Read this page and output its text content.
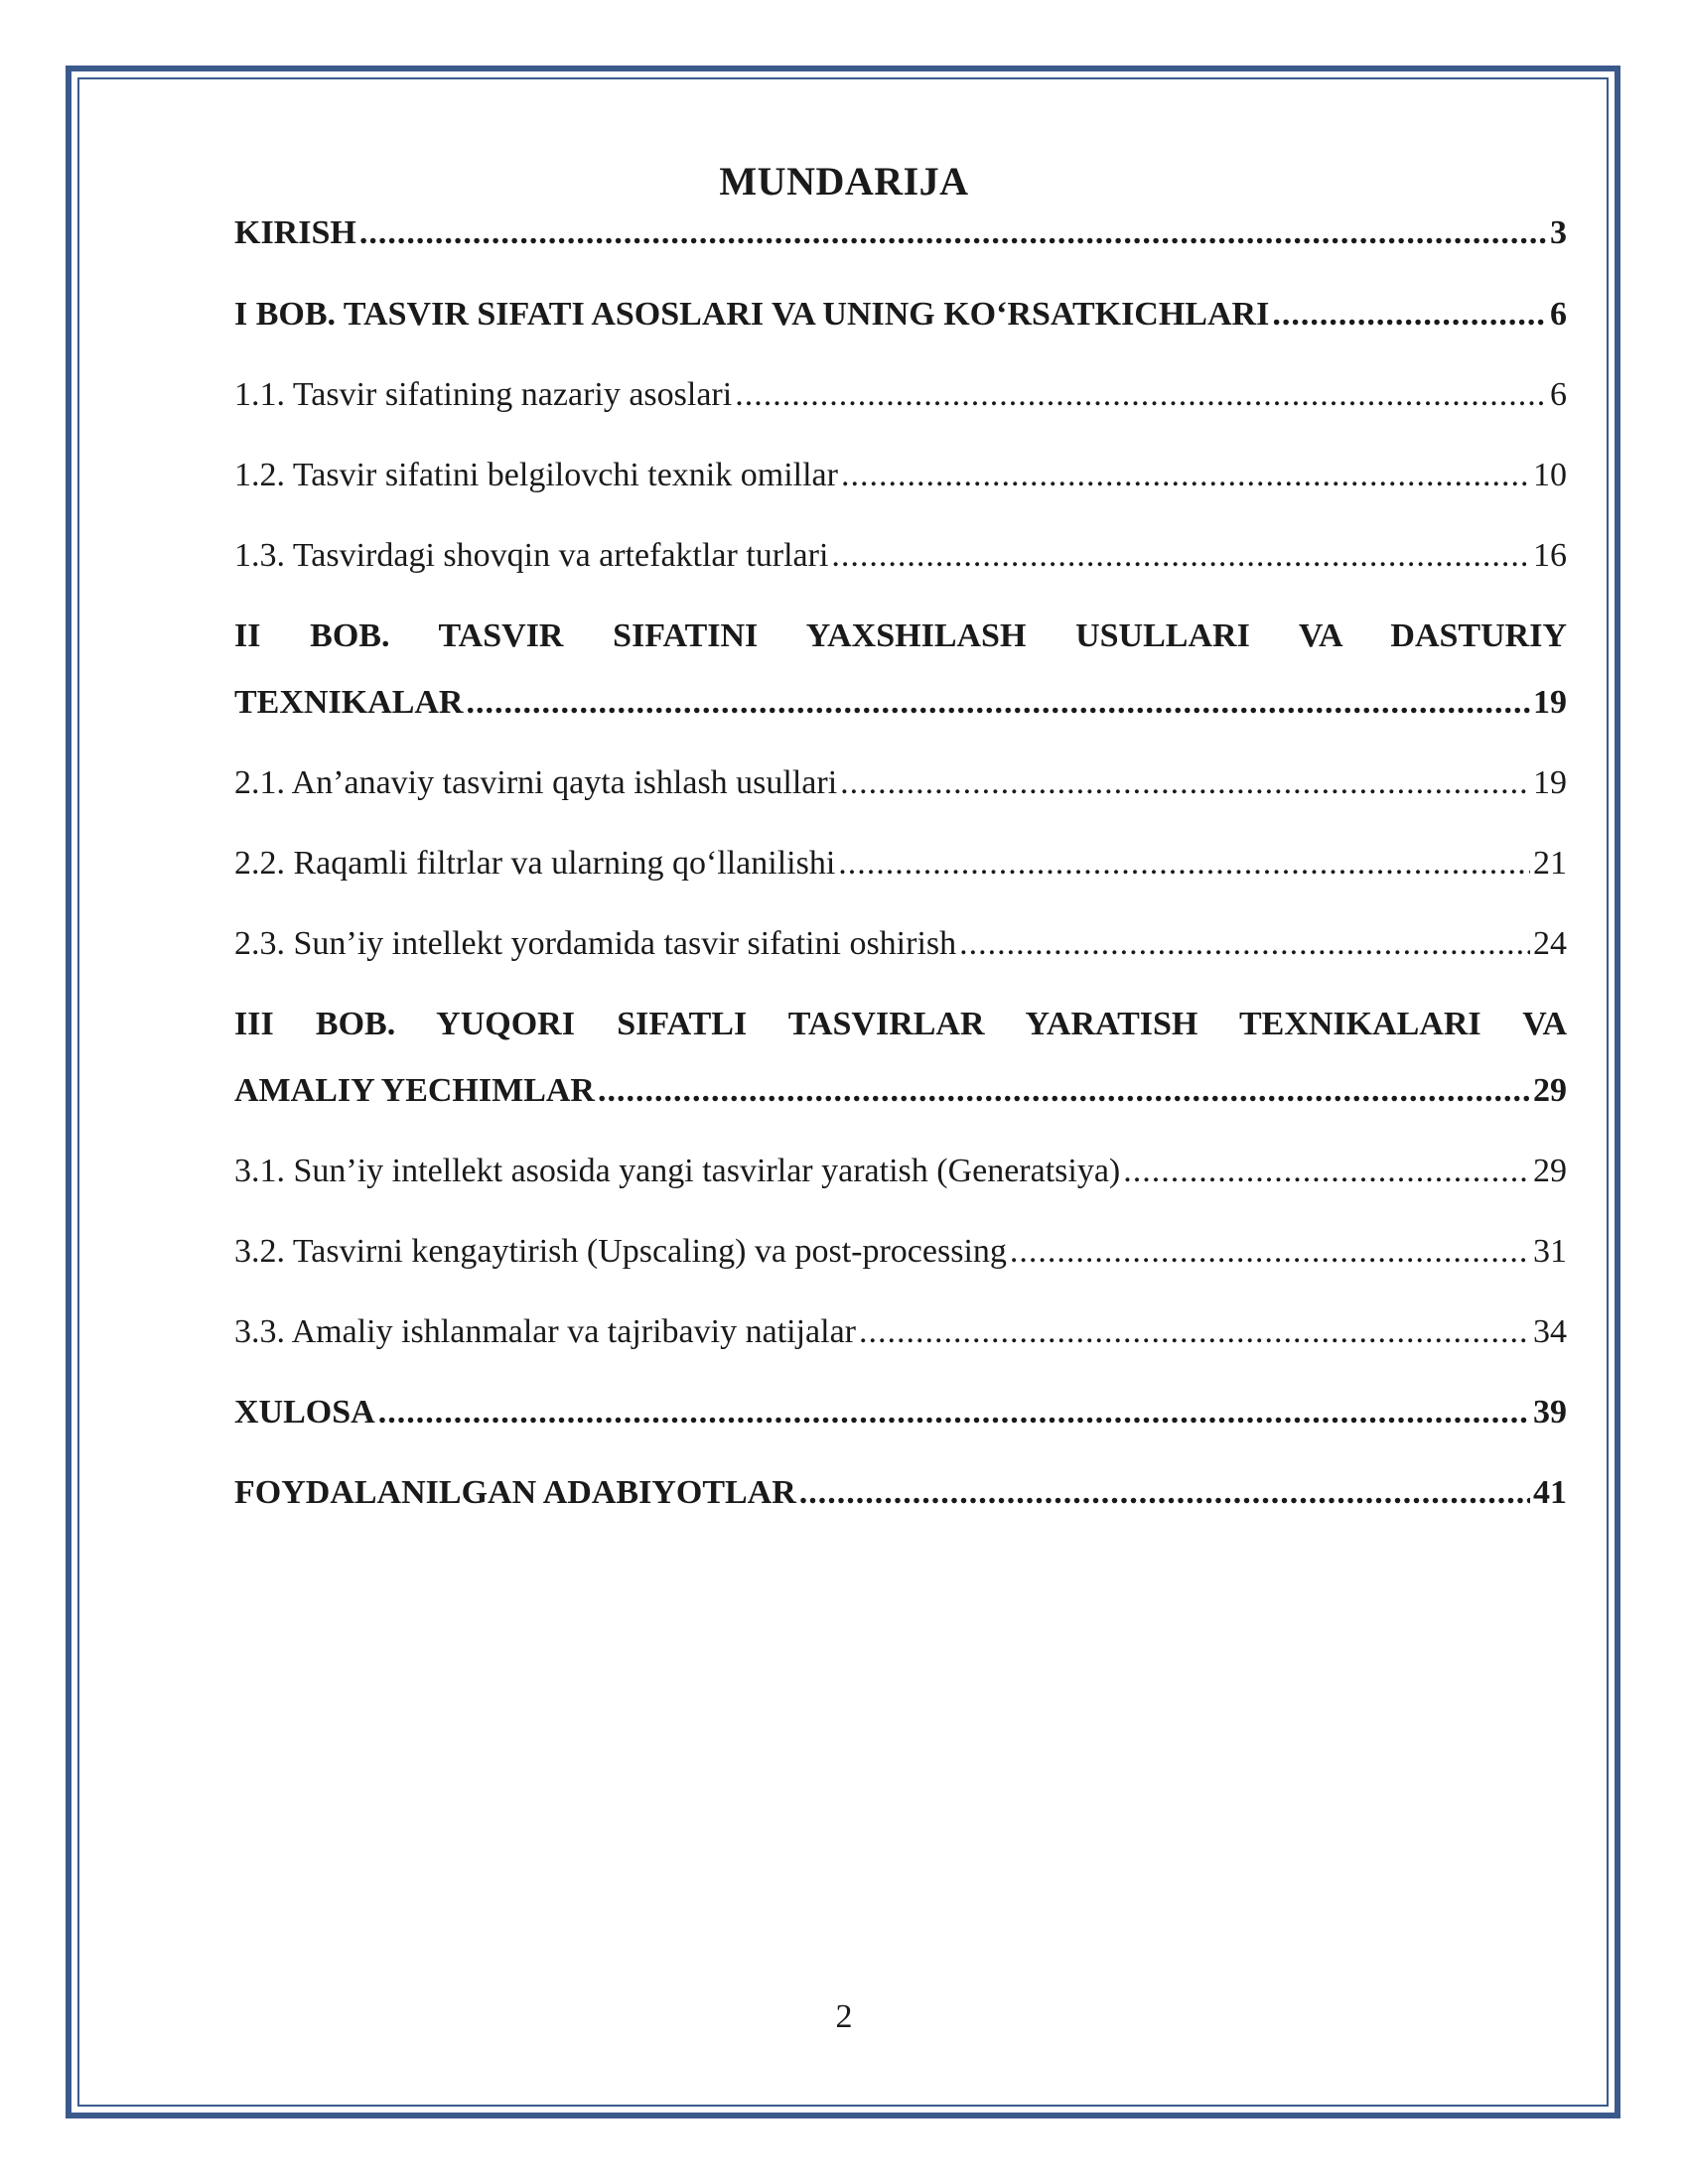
MUNDARIJA
KIRISH .....	3
I BOB. TASVIR SIFATI ASOSLARI VA UNING KO‘RSATKICHLARI .....	6
1.1. Tasvir sifatining nazariy asoslari .....	6
1.2. Tasvir sifatini belgilovchi texnik omillar .....	10
1.3. Tasvirdagi shovqin va artefaktlar turlari .....	16
II BOB. TASVIR SIFATINI YAXSHILASH USULLARI VA DASTURIY
TEXNIKALAR .....	19
2.1. An’anaviy tasvirni qayta ishlash usullari .....	19
2.2. Raqamli filtrlar va ularning qo‘llanilishi .....	21
2.3. Sun’iy intellekt yordamida tasvir sifatini oshirish .....	24
III BOB. YUQORI SIFATLI TASVIRLAR YARATISH TEXNIKALARI VA
AMALIY YECHIMLAR .....	29
3.1. Sun’iy intellekt asosida yangi tasvirlar yaratish (Generatsiya) .....	29
3.2. Tasvirni kengaytirish (Upscaling) va post-processing .....	31
3.3. Amaliy ishlanmalar va tajribaviy natijalar .....	34
XULOSA .....	39
FOYDALANILGAN ADABIYOTLAR .....	41
2
